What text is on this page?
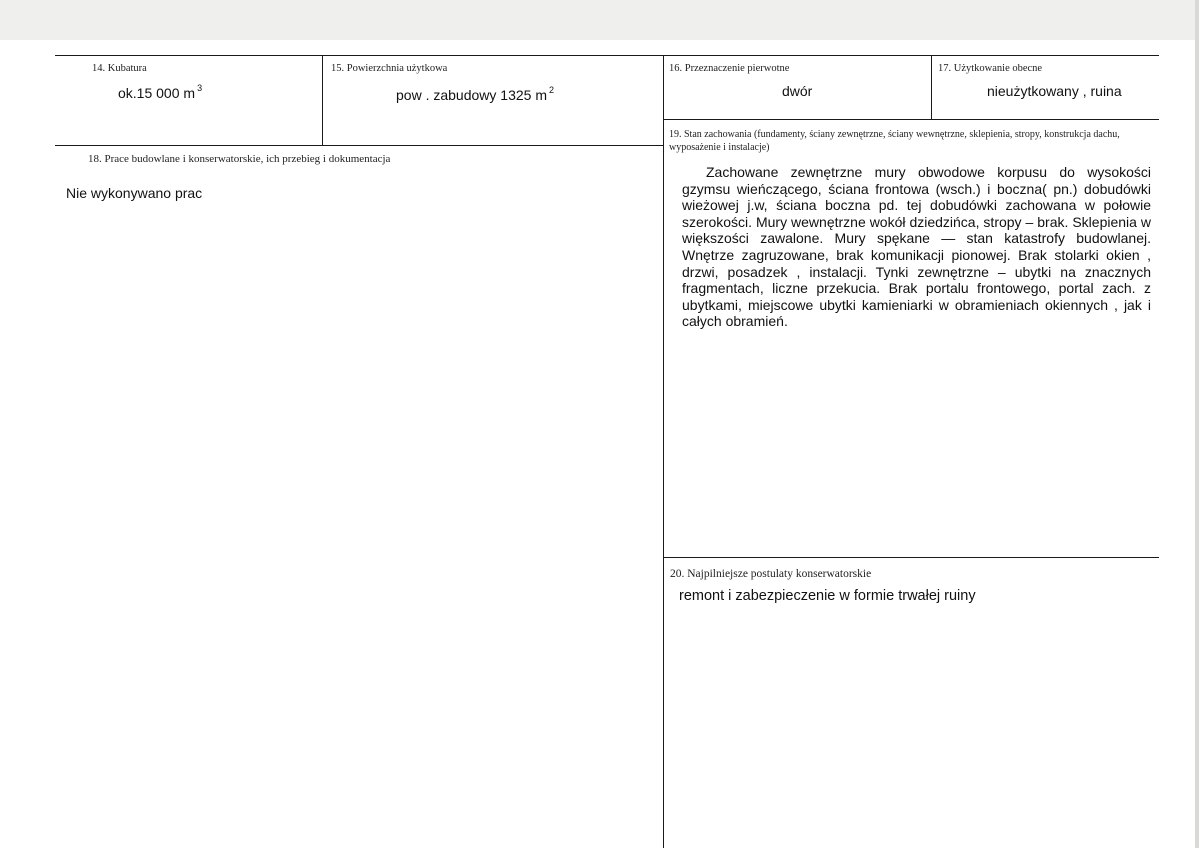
14. Kubatura
ok.15 000 m $^3$
15. Powierzchnia użytkowa
pow . zabudowy 1325 m $^2$
16. Przeznaczenie pierwotne
dwór
17. Użytkowanie obecne
nieużytkowany , ruina
18. Prace budowlane i konserwatorskie, ich przebieg i dokumentacja
Nie wykonywano prac
19. Stan zachowania (fundamenty, ściany zewnętrzne, ściany wewnętrzne, sklepienia, stropy, konstrukcja dachu, wyposażenie i instalacje)
Zachowane zewnętrzne mury obwodowe korpusu do wysokości gzymsu wieńczącego, ściana frontowa (wsch.) i boczna( pn.) dobudówki wieżowej j.w, ściana boczna pd. tej dobudówki zachowana w połowie szerokości. Mury wewnętrzne wokół dziedzińca, stropy – brak. Sklepienia w większości zawalone. Mury spękane — stan katastrofy budowlanej. Wnętrze zagruzowane, brak komunikacji pionowej. Brak stolarki okien , drzwi, posadzek , instalacji. Tynki zewnętrzne – ubytki na znacznych fragmentach, liczne przekucia. Brak portalu frontowego, portal zach. z ubytkami, miejscowe ubytki kamieniarki w obramieniach okiennych , jak i całych obramień.
20. Najpilniejsze postulaty konserwatorskie
remont i zabezpieczenie w formie trwałej ruiny
